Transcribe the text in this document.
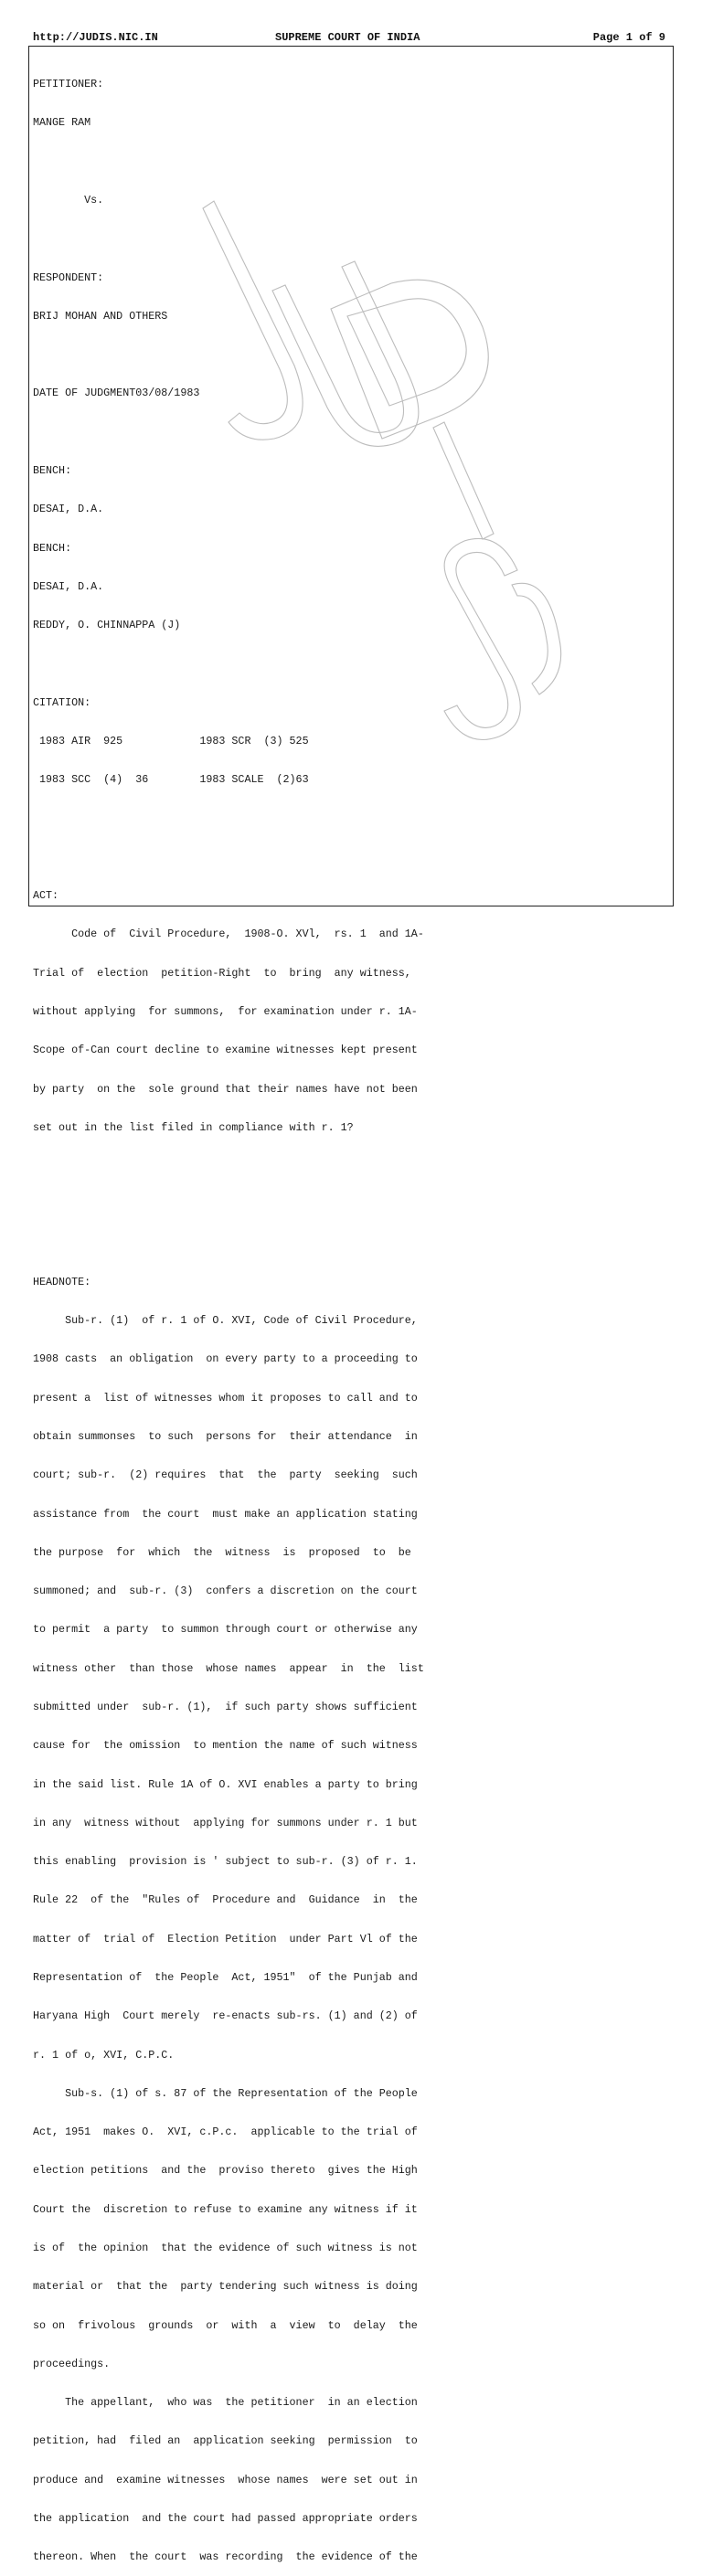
http://JUDIS.NIC.IN	SUPREME COURT OF INDIA	Page 1 of 9

PETITIONER:

MANGE RAM

Vs.

RESPONDENT:

BRIJ MOHAN AND OTHERS

DATE OF JUDGMENT03/08/1983

BENCH:

DESAI, D.A.

BENCH:

DESAI, D.A.

REDDY, O. CHINNAPPA (J)

CITATION:

1983 AIR  925            1983 SCR  (3) 525

1983 SCC  (4)  36        1983 SCALE  (2)63

ACT:

Code of  Civil Procedure,  1908-O. XVl,  rs. 1  and 1A-

Trial of  election  petition-Right  to  bring  any witness,

without applying  for summons,  for examination under r. 1A-

Scope of-Can court decline to examine witnesses kept present

by party  on the  sole ground that their names have not been

set out in the list filed in compliance with r. 1?

HEADNOTE:

Sub-r. (1)  of r. 1 of O. XVI, Code of Civil Procedure,

1908 casts  an obligation  on every party to a proceeding to

present a  list of witnesses whom it proposes to call and to

obtain summonses  to such  persons for  their attendance  in

court; sub-r.  (2) requires  that  the  party  seeking  such

assistance from  the court  must make an application stating

the purpose  for  which  the  witness  is  proposed  to  be

summoned; and  sub-r. (3)  confers a discretion on the court

to permit  a party  to summon through court or otherwise any

witness other  than those  whose names  appear  in  the  list

submitted under  sub-r. (1),  if such party shows sufficient

cause for  the omission  to mention the name of such witness

in the said list. Rule 1A of O. XVI enables a party to bring

in any  witness without  applying for summons under r. 1 but

this enabling  provision is ' subject to sub-r. (3) of r. 1.

Rule 22  of the  "Rules of  Procedure and  Guidance  in  the

matter of  trial of  Election Petition  under Part Vl of the

Representation of  the People  Act, 1951"  of the Punjab and

Haryana High  Court merely  re-enacts sub-rs. (1) and (2) of

r. 1 of o, XVI, C.P.C.

Sub-s. (1) of s. 87 of the Representation of the People

Act, 1951  makes O.  XVI, c.P.c.  applicable to the trial of

election petitions  and the  proviso thereto  gives the High

Court the  discretion to refuse to examine any witness if it

is of  the opinion  that the evidence of such witness is not

material or  that the  party tendering such witness is doing

so on  frivolous  grounds  or  with  a  view  to  delay  the

proceedings.

The appellant,  who was  the petitioner  in an election

petition, had  filed an  application seeking  permission  to

produce and  examine witnesses  whose names  were set out in

the application  and the court had passed appropriate orders

thereon. When  the court  was recording  the evidence of the
